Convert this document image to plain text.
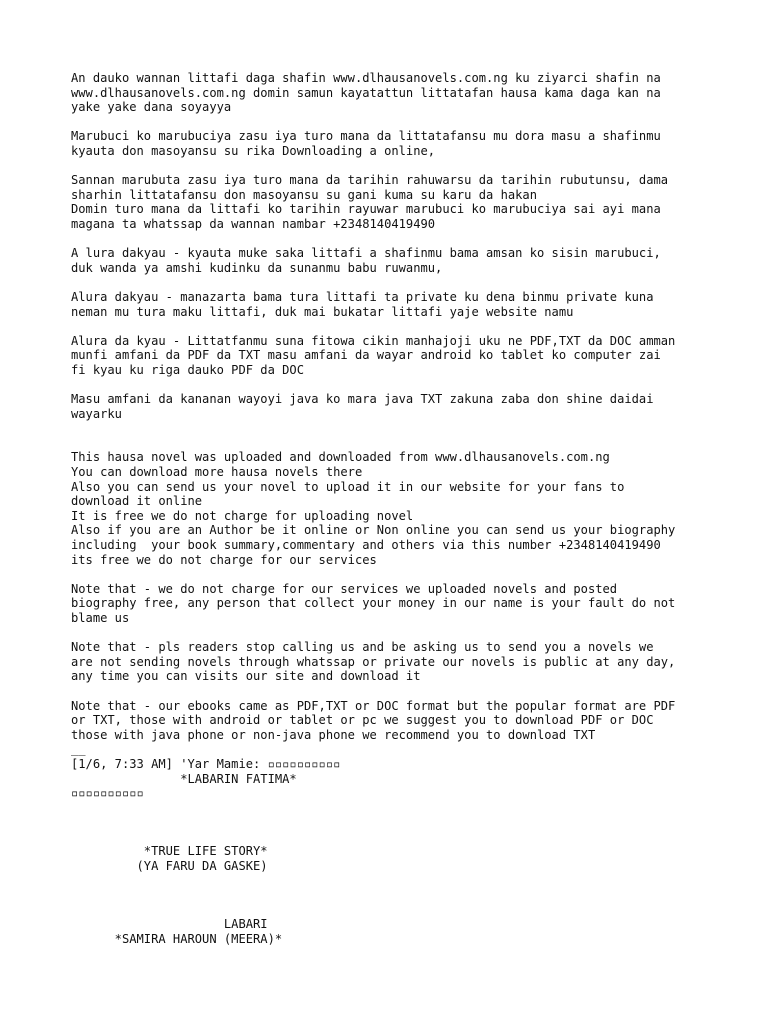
An dauko wannan littafi daga shafin www.dlhausanovels.com.ng ku ziyarci shafin na
www.dlhausanovels.com.ng domin samun kayatattun littatafan hausa kama daga kan na
yake yake dana soyayya
Marubuci ko marubuciya zasu iya turo mana da littatafansu mu dora masu a shafinmu
kyauta don masoyansu su rika Downloading a online,
Sannan marubuta zasu iya turo mana da tarihin rahuwarsu da tarihin rubutunsu, dama
sharhin littatafansu don masoyansu su gani kuma su karu da hakan
Domin turo mana da littafi ko tarihin rayuwar marubuci ko marubuciya sai ayi mana
magana ta whatssap da wannan nambar +2348140419490
A lura dakyau - kyauta muke saka littafi a shafinmu bama amsan ko sisin marubuci,
duk wanda ya amshi kudinku da sunanmu babu ruwanmu,
Alura dakyau - manazarta bama tura littafi ta private ku dena binmu private kuna
neman mu tura maku littafi, duk mai bukatar littafi yaje website namu
Alura da kyau - Littatfanmu suna fitowa cikin manhajoji uku ne PDF,TXT da DOC amman
munfi amfani da PDF da TXT masu amfani da wayar android ko tablet ko computer zai
fi kyau ku riga dauko PDF da DOC
Masu amfani da kananan wayoyi java ko mara java TXT zakuna zaba don shine daidai
wayarku
This hausa novel was uploaded and downloaded from www.dlhausanovels.com.ng
You can download more hausa novels there
Also you can send us your novel to upload it in our website for your fans to
download it online
It is free we do not charge for uploading novel
Also if you are an Author be it online or Non online you can send us your biography
including  your book summary,commentary and others via this number +2348140419490
its free we do not charge for our services
Note that - we do not charge for our services we uploaded novels and posted
biography free, any person that collect your money in our name is your fault do not
blame us
Note that - pls readers stop calling us and be asking us to send you a novels we
are not sending novels through whatssap or private our novels is public at any day,
any time you can visits our site and download it
Note that - our ebooks came as PDF,TXT or DOC format but the popular format are PDF
or TXT, those with android or tablet or pc we suggest you to download PDF or DOC
those with java phone or non-java phone we recommend you to download TXT
__
[1/6, 7:33 AM] 'Yar Mamie: ▫▫▫▫▫▫▫▫▫▫
*LABARIN FATIMA*
▫▫▫▫▫▫▫▫▫▫
*TRUE LIFE STORY*
(YA FARU DA GASKE)
LABARI
*SAMIRA HAROUN (MEERA)*
